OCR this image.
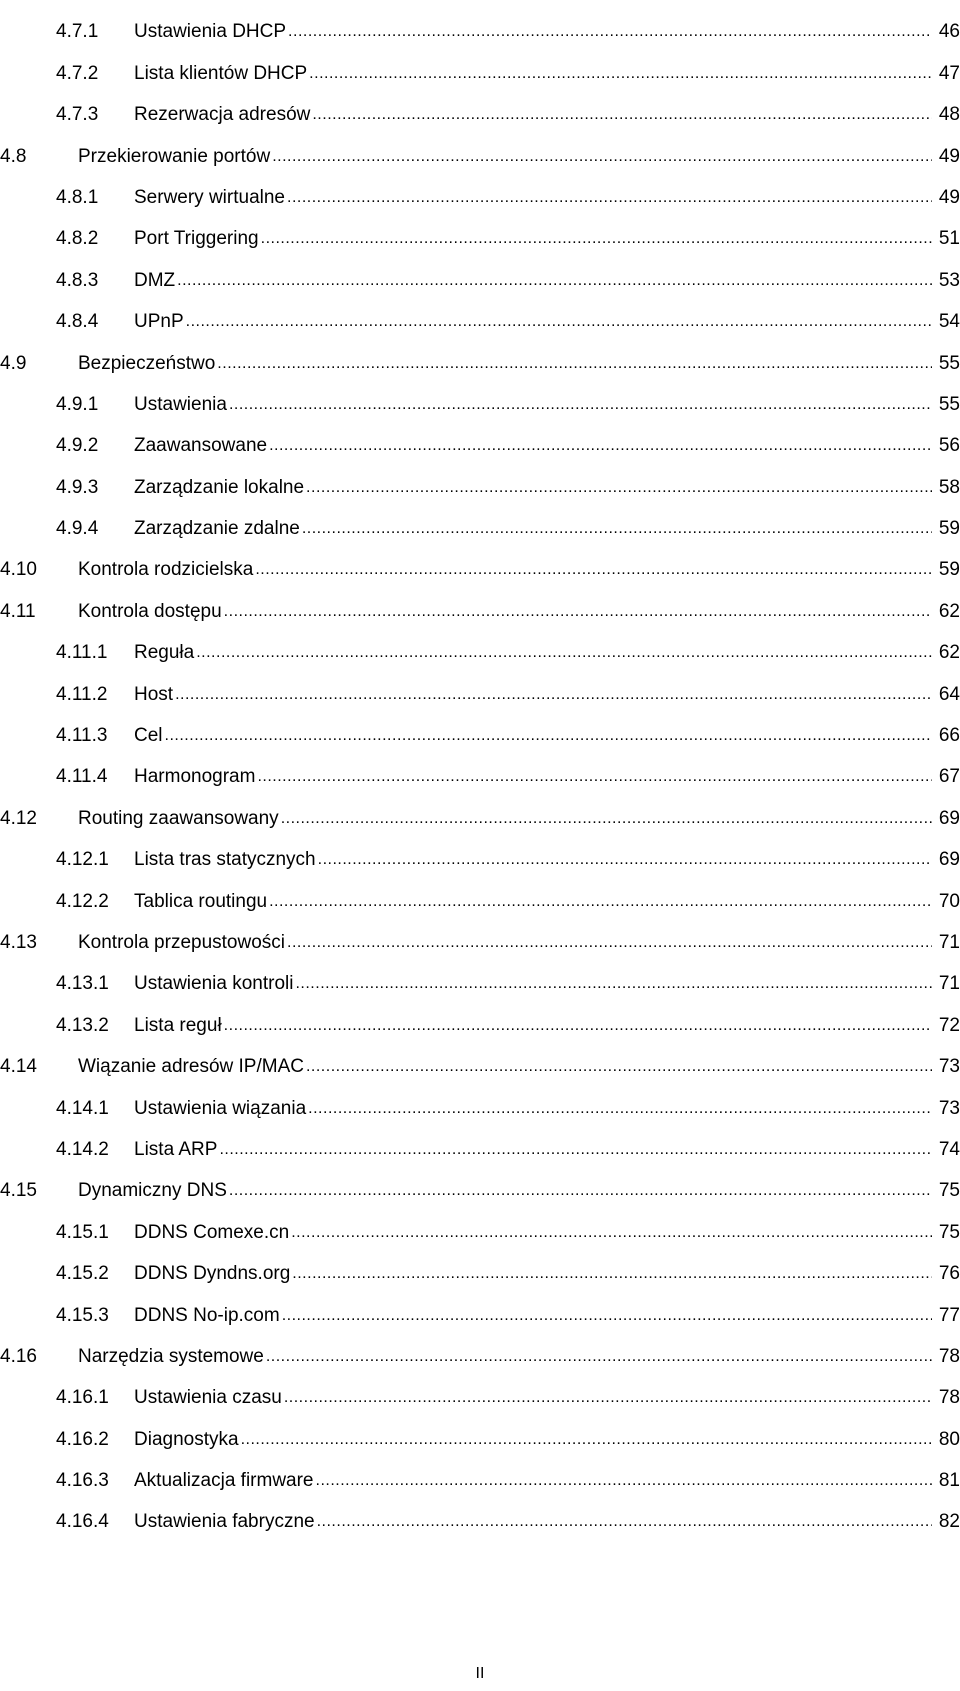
4.7.1	Ustawienia DHCP .....	46
4.7.2	Lista klientów DHCP .....	47
4.7.3	Rezerwacja adresów .....	48
4.8	Przekierowanie portów .....	49
4.8.1	Serwery wirtualne .....	49
4.8.2	Port Triggering .....	51
4.8.3	DMZ .....	53
4.8.4	UPnP .....	54
4.9	Bezpieczeństwo .....	55
4.9.1	Ustawienia .....	55
4.9.2	Zaawansowane .....	56
4.9.3	Zarządzanie lokalne .....	58
4.9.4	Zarządzanie zdalne .....	59
4.10	Kontrola rodzicielska .....	59
4.11	Kontrola dostępu .....	62
4.11.1	Reguła .....	62
4.11.2	Host .....	64
4.11.3	Cel .....	66
4.11.4	Harmonogram .....	67
4.12	Routing zaawansowany .....	69
4.12.1	Lista tras statycznych .....	69
4.12.2	Tablica routingu .....	70
4.13	Kontrola przepustowości .....	71
4.13.1	Ustawienia kontroli .....	71
4.13.2	Lista reguł .....	72
4.14	Wiązanie adresów IP/MAC .....	73
4.14.1	Ustawienia wiązania .....	73
4.14.2	Lista ARP .....	74
4.15	Dynamiczny DNS .....	75
4.15.1	DDNS Comexe.cn .....	75
4.15.2	DDNS Dyndns.org .....	76
4.15.3	DDNS No-ip.com .....	77
4.16	Narzędzia systemowe .....	78
4.16.1	Ustawienia czasu .....	78
4.16.2	Diagnostyka .....	80
4.16.3	Aktualizacja firmware .....	81
4.16.4	Ustawienia fabryczne .....	82
II
